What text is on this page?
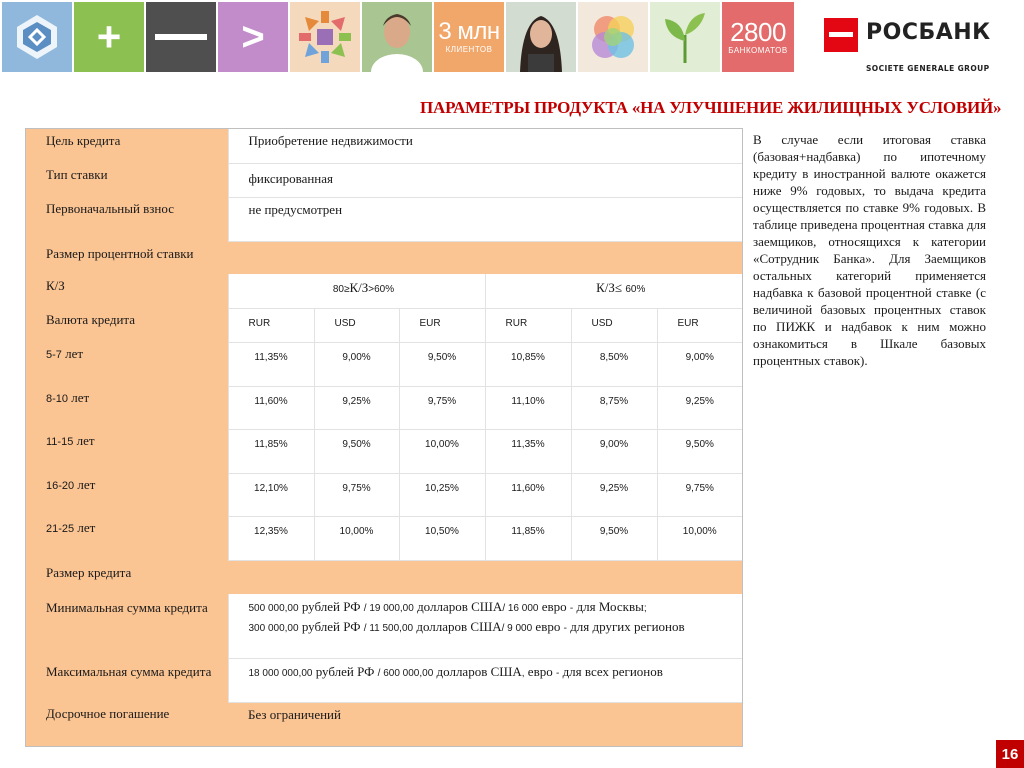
+	>	3 млн
КЛИЕНТОВ
2800
БАНКОМАТОВ
РОСБАНК
SOCIETE GENERALE GROUP
ПАРАМЕТРЫ ПРОДУКТА «НА УЛУЧШЕНИЕ ЖИЛИЩНЫХ УСЛОВИЙ»
Цель кредита	Приобретение недвижимости					
Тип ставки	фиксированная					
Первоначальный взнос	не предусмотрен					
Размер процентной ставки						
К/З	80≥К/З>60%			К/З≤ 60%		
Валюта кредита	RUR	USD	EUR	RUR	USD	EUR
5-7 лет	11,35%	9,00%	9,50%	10,85%	8,50%	9,00%
8-10 лет	11,60%	9,25%	9,75%	11,10%	8,75%	9,25%
11-15 лет	11,85%	9,50%	10,00%	11,35%	9,00%	9,50%
16-20 лет	12,10%	9,75%	10,25%	11,60%	9,25%	9,75%
21-25 лет	12,35%	10,00%	10,50%	11,85%	9,50%	10,00%
Размер кредита						
Минимальная сумма кредита	500 000,00 рублей РФ / 19 000,00 долларов США/ 16 000 евро - для Москвы;
300 000,00 рублей РФ / 11 500,00 долларов США/ 9 000 евро - для других регионов					

Максимальная сумма кредита	18 000 000,00 рублей РФ / 600 000,00 долларов США, евро - для всех регионов					
Досрочное погашение	Без ограничений					
В случае если итоговая ставка (базовая+надбавка) по ипотечному кредиту в иностранной валюте окажется ниже 9% годовых, то выдача кредита осуществляется по ставке 9% годовых. В таблице приведена процентная ставка для заемщиков, относящихся к категории «Сотрудник Банка». Для Заемщиков остальных категорий применяется надбавка к базовой процентной ставке (с величиной базовых процентных ставок по ПИЖК и надбавок к ним можно ознакомиться в Шкале базовых процентных ставок).
16
